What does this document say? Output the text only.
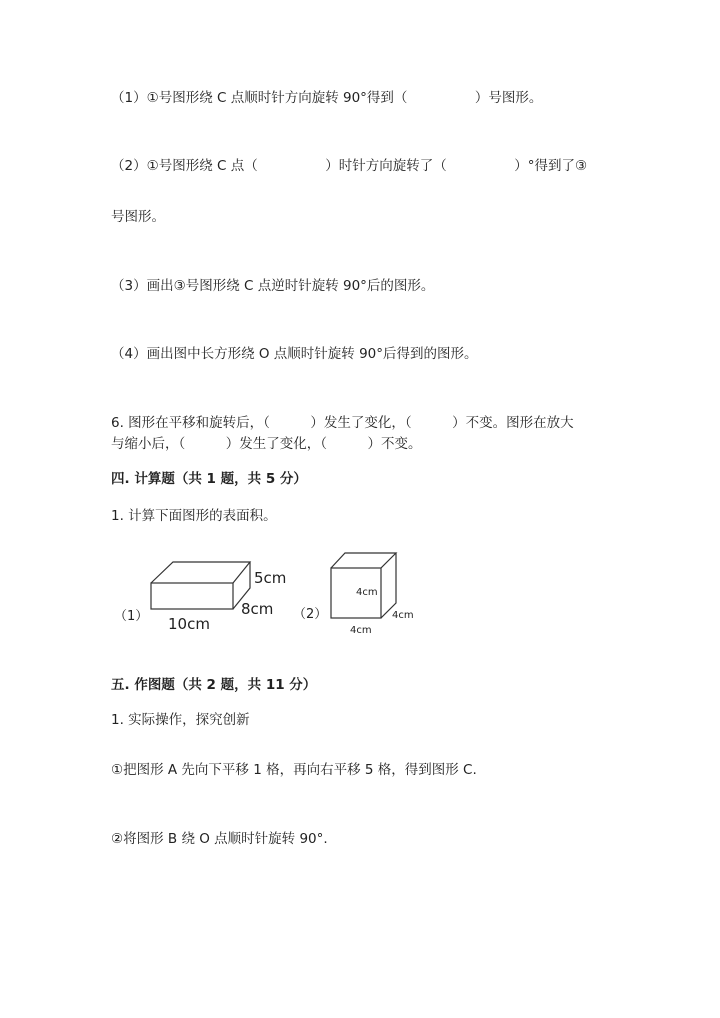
（1）①号图形绕 C 点顺时针方向旋转 90°得到（　　　　　）号图形。
（2）①号图形绕 C 点（　　　　　）时针方向旋转了（　　　　　）°得到了③
号图形。
（3）画出③号图形绕 C 点逆时针旋转 90°后的图形。
（4）画出图中长方形绕 O 点顺时针旋转 90°后得到的图形。
6. 图形在平移和旋转后，（　　　）发生了变化，（　　　）不变。图形在放大
与缩小后，（　　　）发生了变化，（　　　）不变。
四. 计算题（共 1 题，共 5 分）
1. 计算下面图形的表面积。
（1）
5cm
8cm
10cm
（2）
4cm
4cm
4cm
五. 作图题（共 2 题，共 11 分）
1. 实际操作，探究创新
①把图形 A 先向下平移 1 格，再向右平移 5 格，得到图形 C.
②将图形 B 绕 O 点顺时针旋转 90°.
